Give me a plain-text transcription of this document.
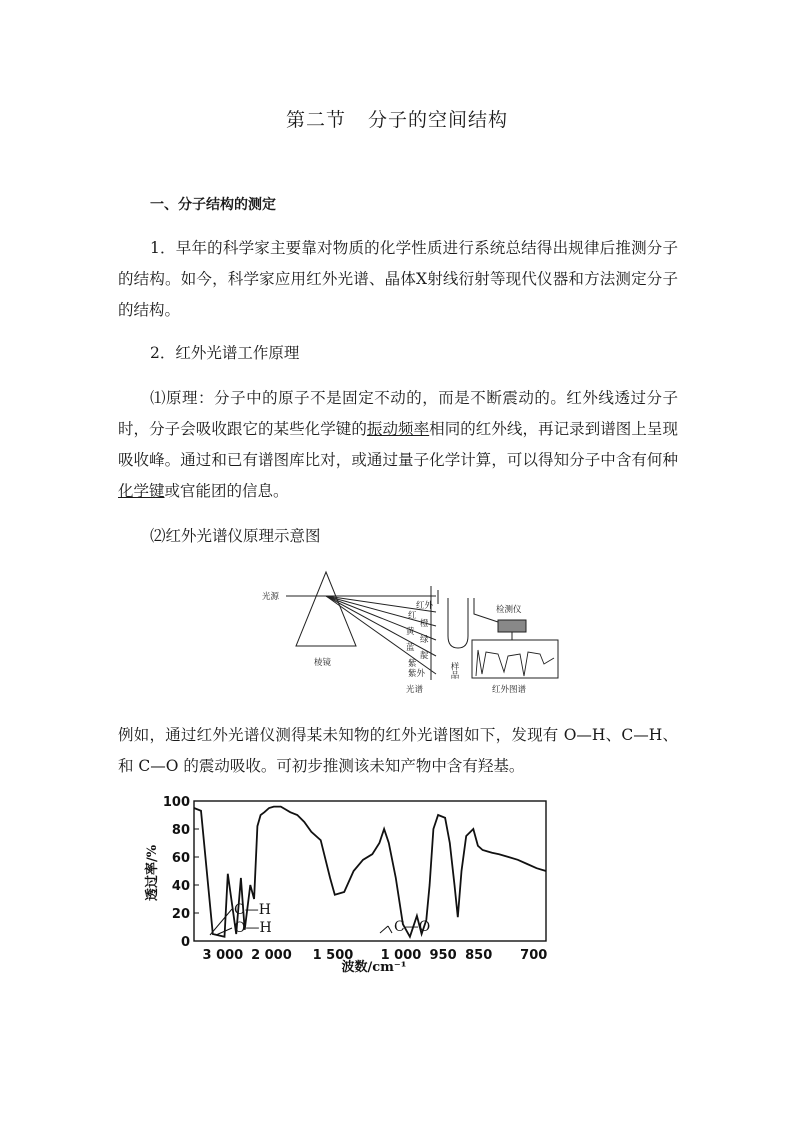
第二节 分子的空间结构
一、分子结构的测定
1．早年的科学家主要靠对物质的化学性质进行系统总结得出规律后推测分子的结构。如今，科学家应用红外光谱、晶体X射线衍射等现代仪器和方法测定分子的结构。
2．红外光谱工作原理
⑴原理：分子中的原子不是固定不动的，而是不断震动的。红外线透过分子时，分子会吸收跟它的某些化学键的振动频率相同的红外线，再记录到谱图上呈现吸收峰。通过和已有谱图库比对，或通过量子化学计算，可以得知分子中含有何种化学键或官能团的信息。
⑵红外光谱仪原理示意图
光源
棱镜
红外
红
橙
黄
绿
蓝
靛
紫
紫外
光谱
样品
检测仪
红外图谱
例如，通过红外光谱仪测得某未知物的红外光谱图如下，发现有 O—H、C—H、和 C—O 的震动吸收。可初步推测该未知产物中含有羟基。
100
80
60
40
20
0
3 000 2 000 1 500 1 000 950 850 700
透过率/%
波数/cm⁻¹
C—H
O—H	C—O
